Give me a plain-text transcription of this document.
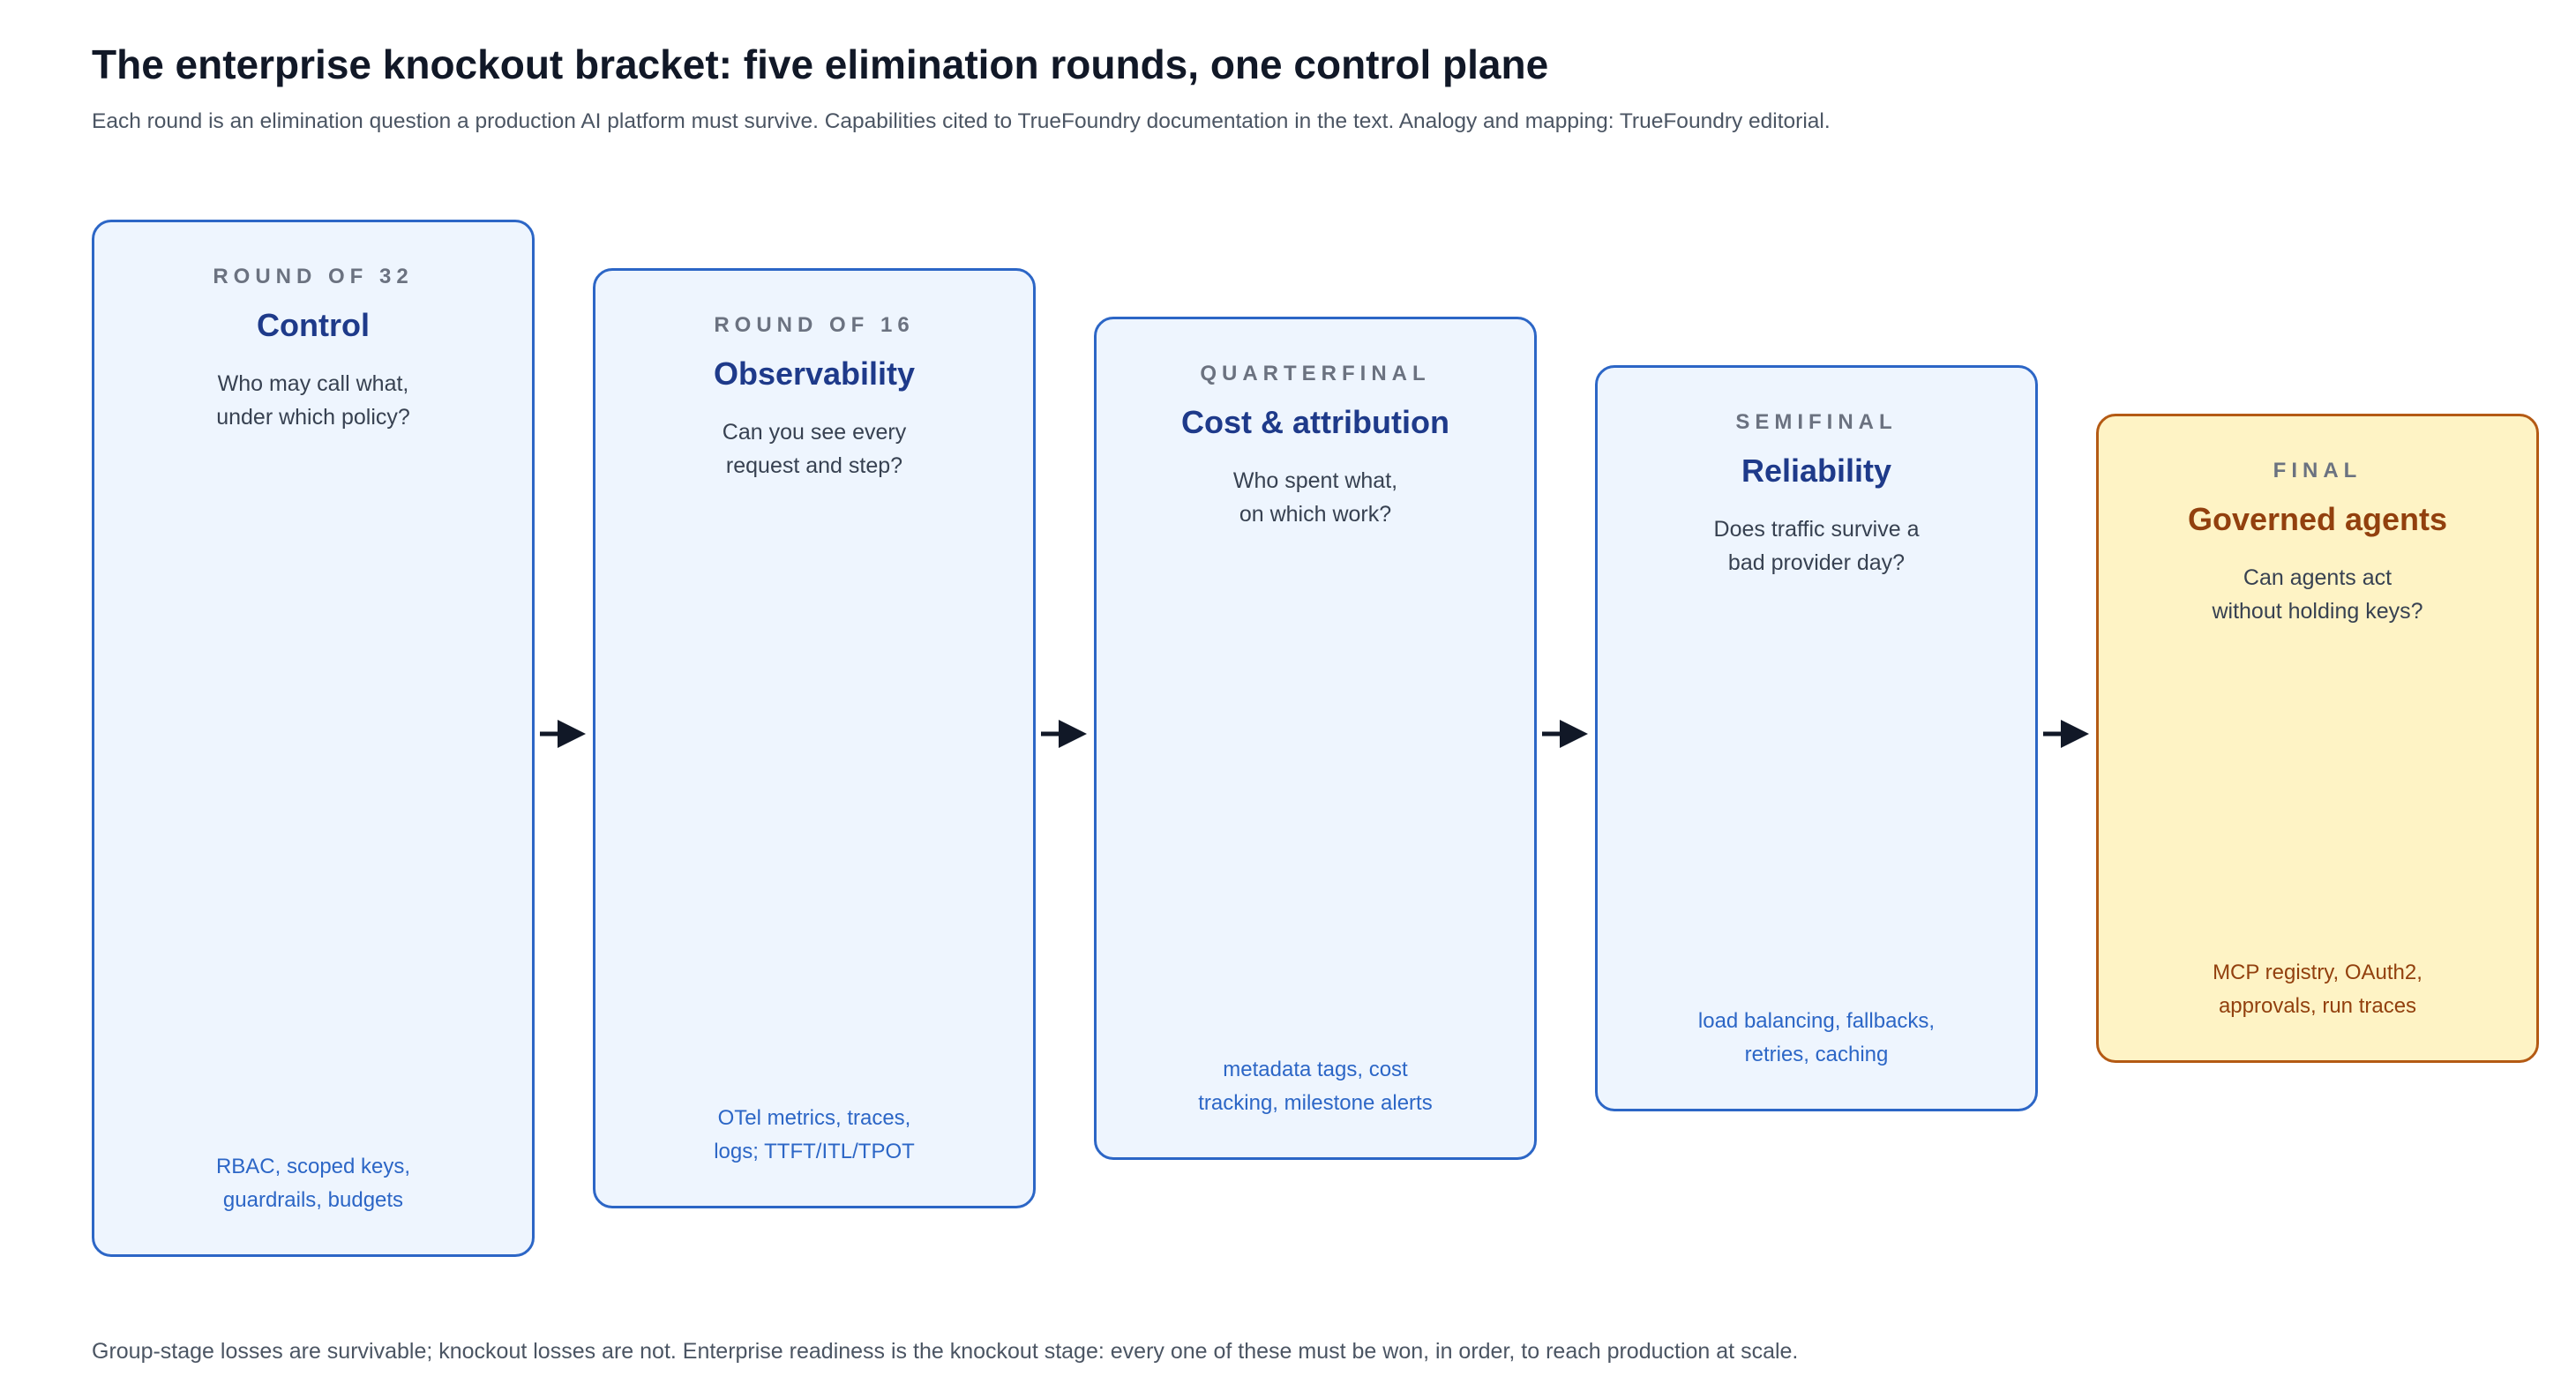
The enterprise knockout bracket: five elimination rounds, one control plane

Each round is an elimination question a production AI platform must survive. Capabilities cited to TrueFoundry documentation in the text. Analogy and mapping: TrueFoundry editorial.

ROUND OF 32
Control
Who may call what,
under which policy?
RBAC, scoped keys,
guardrails, budgets
ROUND OF 16
Observability
Can you see every
request and step?
OTel metrics, traces,
logs; TTFT/ITL/TPOT
QUARTERFINAL
Cost & attribution
Who spent what,
on which work?
metadata tags, cost
tracking, milestone alerts
SEMIFINAL
Reliability
Does traffic survive a
bad provider day?
load balancing, fallbacks,
retries, caching
FINAL
Governed agents
Can agents act
without holding keys?
MCP registry, OAuth2,
approvals, run traces

Group-stage losses are survivable; knockout losses are not. Enterprise readiness is the knockout stage: every one of these must be won, in order, to reach production at scale.
